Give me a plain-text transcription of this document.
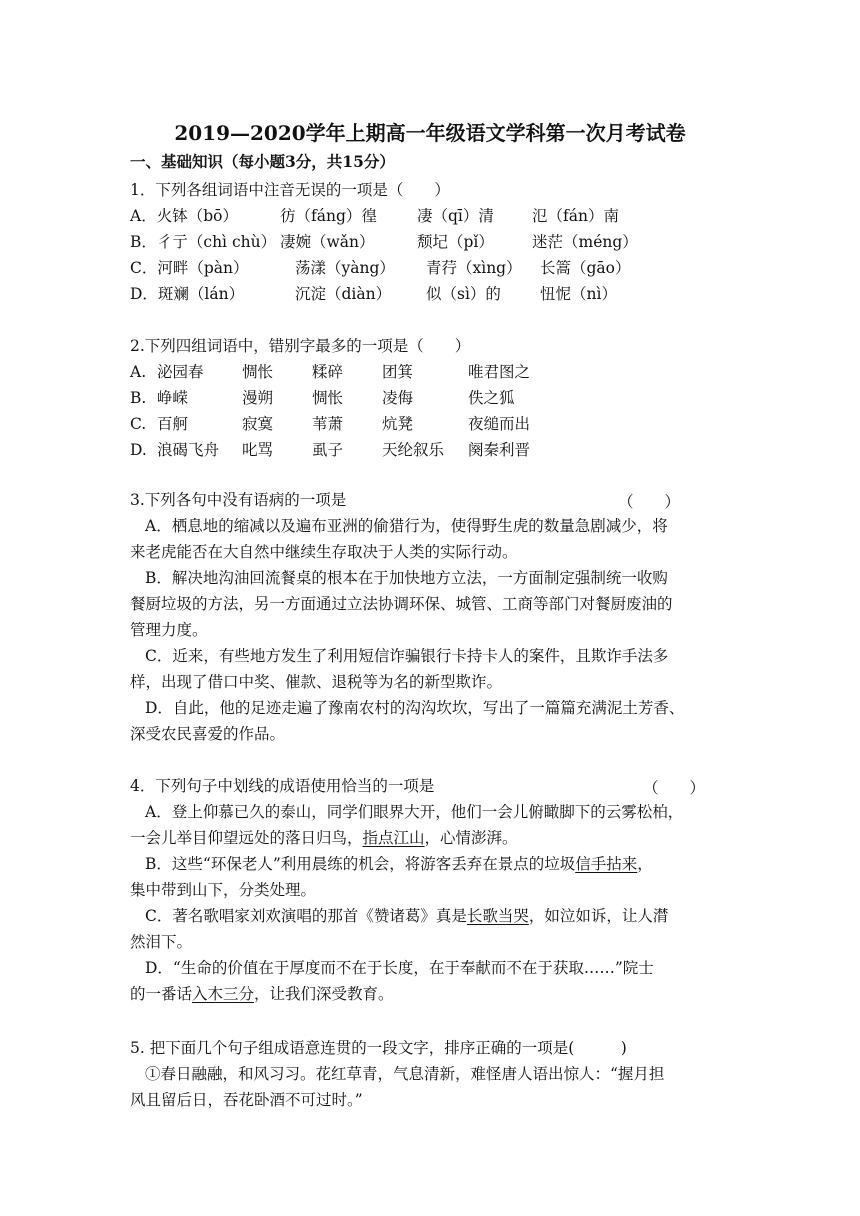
2019—2020学年上期高一年级语文学科第一次月考试卷
一、基础知识（每小题3分，共15分）
1．下列各组词语中注音无误的一项是（　　）
A．火钵（bō）	彷（fáng）徨	凄（qī）清 氾（fán）南
B．彳亍（chì chù） 凄婉（wǎn）	颓圮（pǐ） 迷茫（méng）
C．河畔（pàn）	荡漾（yàng） 青荇（xìng） 长篙（gāo）
D．斑斓（lán）	沉淀（diàn） 似（sì）的	忸怩（nì）
2.下列四组词语中，错别字最多的一项是（　　）
A. 泌园春 惆怅	糅碎	团箕	唯君图之
B. 峥嵘	漫朔	惆怅	凌侮	佚之狐
C. 百舸	寂寞	苇萧	炕凳	夜缒而出
D. 浪碣飞舟 叱骂	虱子	天纶叙乐 阕秦利晋
3.下列各句中没有语病的一项是	（　　）
A．栖息地的缩减以及遍布亚洲的偷猎行为，使得野生虎的数量急剧减少，将
来老虎能否在大自然中继续生存取决于人类的实际行动。
B．解决地沟油回流餐桌的根本在于加快地方立法，一方面制定强制统一收购
餐厨垃圾的方法，另一方面通过立法协调环保、城管、工商等部门对餐厨废油的
管理力度。
C．近来，有些地方发生了利用短信诈骗银行卡持卡人的案件，且欺诈手法多
样，出现了借口中奖、催款、退税等为名的新型欺诈。
D．自此，他的足迹走遍了豫南农村的沟沟坎坎，写出了一篇篇充满泥土芳香、
深受农民喜爱的作品。
4．下列句子中划线的成语使用恰当的一项是	（　　）
A．登上仰慕已久的泰山，同学们眼界大开，他们一会儿俯瞰脚下的云雾松柏，
一会儿举目仰望远处的落日归鸟，指点江山，心情澎湃。
B．这些“环保老人”利用晨练的机会，将游客丢弃在景点的垃圾信手拈来，
集中带到山下，分类处理。
C．著名歌唱家刘欢演唱的那首《赞诸葛》真是长歌当哭，如泣如诉，让人潸
然泪下。
D．“生命的价值在于厚度而不在于长度，在于奉献而不在于获取……”院士
的一番话入木三分，让我们深受教育。
5. 把下面几个句子组成语意连贯的一段文字，排序正确的一项是(　　　)
①春日融融，和风习习。花红草青，气息清新，难怪唐人语出惊人：“握月担
风且留后日，吞花卧酒不可过时。”
